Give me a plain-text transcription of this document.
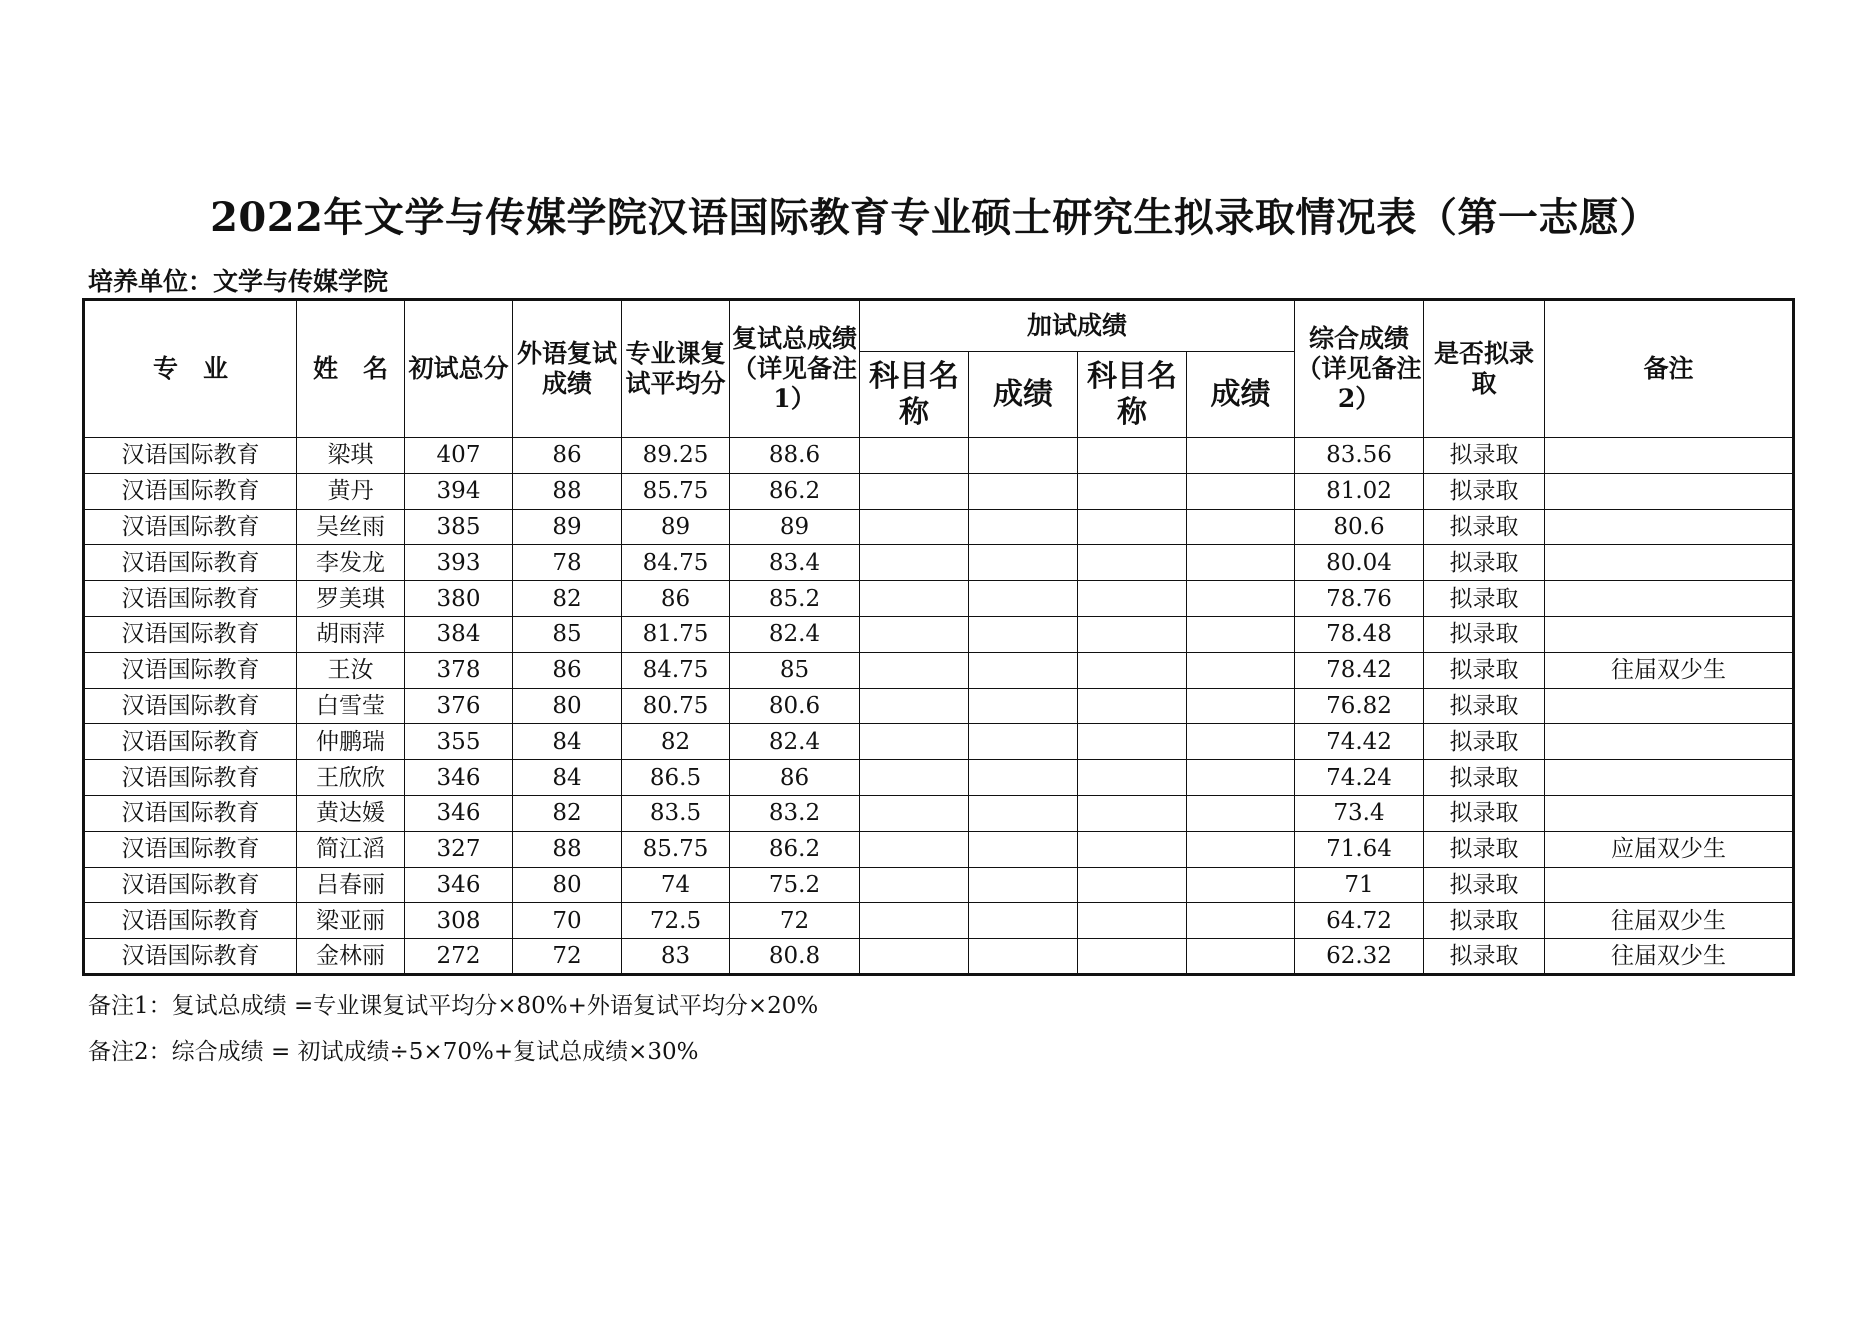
2022年文学与传媒学院汉语国际教育专业硕士研究生拟录取情况表（第一志愿）
培养单位：文学与传媒学院
专　业	姓　名	初试总分	外语复试成绩	专业课复试平均分	复试总成绩（详见备注1）	加试成绩				综合成绩（详见备注2）	是否拟录取	备注
						科目名称	成绩	科目名称	成绩			
汉语国际教育	梁琪	407	86	89.25	88.6					83.56	拟录取	
汉语国际教育	黄丹	394	88	85.75	86.2					81.02	拟录取	
汉语国际教育	吴丝雨	385	89	89	89					80.6	拟录取	
汉语国际教育	李发龙	393	78	84.75	83.4					80.04	拟录取	
汉语国际教育	罗美琪	380	82	86	85.2					78.76	拟录取	
汉语国际教育	胡雨萍	384	85	81.75	82.4					78.48	拟录取	
汉语国际教育	王汝	378	86	84.75	85					78.42	拟录取	往届双少生
汉语国际教育	白雪莹	376	80	80.75	80.6					76.82	拟录取	
汉语国际教育	仲鹏瑞	355	84	82	82.4					74.42	拟录取	
汉语国际教育	王欣欣	346	84	86.5	86					74.24	拟录取	
汉语国际教育	黄达媛	346	82	83.5	83.2					73.4	拟录取	
汉语国际教育	简江滔	327	88	85.75	86.2					71.64	拟录取	应届双少生
汉语国际教育	吕春丽	346	80	74	75.2					71	拟录取	
汉语国际教育	梁亚丽	308	70	72.5	72					64.72	拟录取	往届双少生
汉语国际教育	金林丽	272	72	83	80.8					62.32	拟录取	往届双少生
备注1：复试总成绩 =专业课复试平均分×80%+外语复试平均分×20%
备注2：综合成绩 = 初试成绩÷5×70%+复试总成绩×30%
